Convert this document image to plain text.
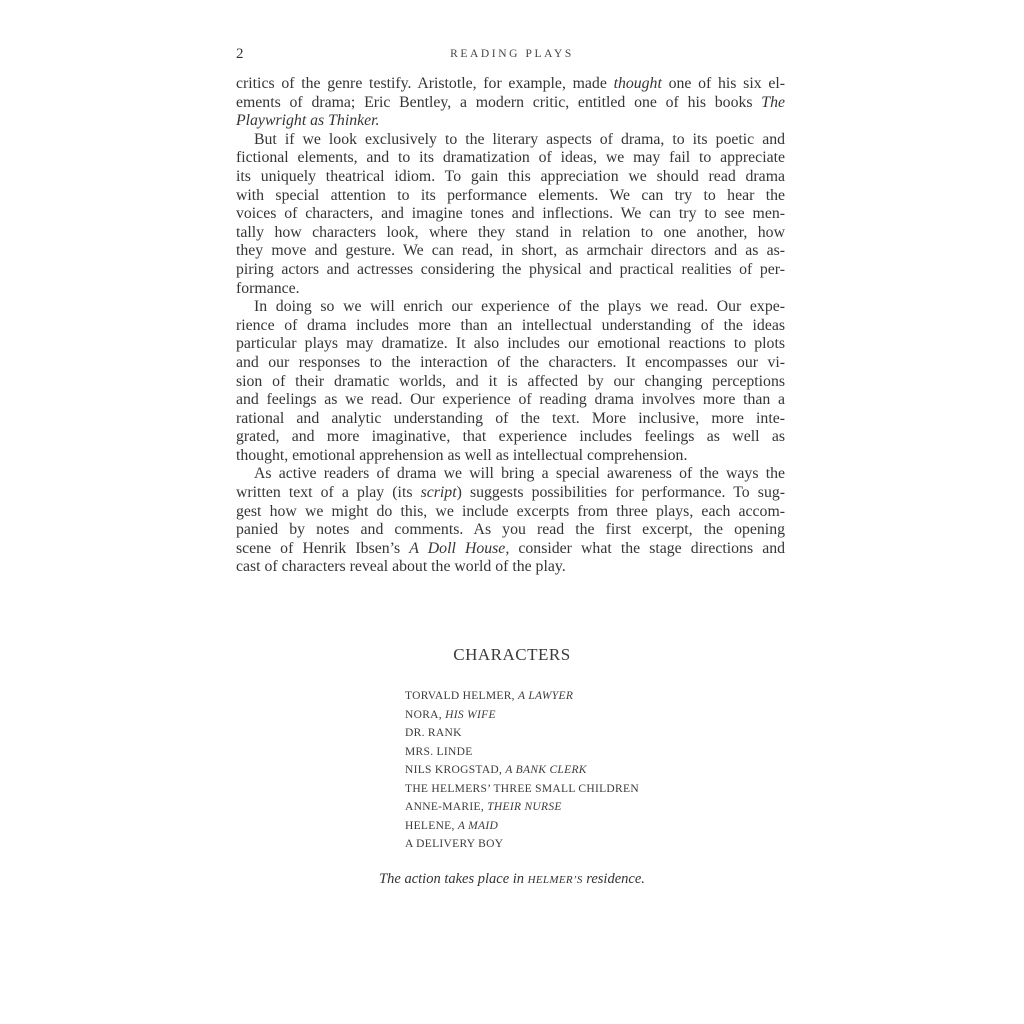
2	READING PLAYS
critics of the genre testify. Aristotle, for example, made thought one of his six el-
ements of drama; Eric Bentley, a modern critic, entitled one of his books The
Playwright as Thinker.
But if we look exclusively to the literary aspects of drama, to its poetic and
fictional elements, and to its dramatization of ideas, we may fail to appreciate
its uniquely theatrical idiom. To gain this appreciation we should read drama
with special attention to its performance elements. We can try to hear the
voices of characters, and imagine tones and inflections. We can try to see men-
tally how characters look, where they stand in relation to one another, how
they move and gesture. We can read, in short, as armchair directors and as as-
piring actors and actresses considering the physical and practical realities of per-
formance.
In doing so we will enrich our experience of the plays we read. Our expe-
rience of drama includes more than an intellectual understanding of the ideas
particular plays may dramatize. It also includes our emotional reactions to plots
and our responses to the interaction of the characters. It encompasses our vi-
sion of their dramatic worlds, and it is affected by our changing perceptions
and feelings as we read. Our experience of reading drama involves more than a
rational and analytic understanding of the text. More inclusive, more inte-
grated, and more imaginative, that experience includes feelings as well as
thought, emotional apprehension as well as intellectual comprehension.
As active readers of drama we will bring a special awareness of the ways the
written text of a play (its script) suggests possibilities for performance. To sug-
gest how we might do this, we include excerpts from three plays, each accom-
panied by notes and comments. As you read the first excerpt, the opening
scene of Henrik Ibsen’s A Doll House, consider what the stage directions and
cast of characters reveal about the world of the play.
CHARACTERS
TORVALD HELMER, A LAWYER
NORA, HIS WIFE
DR. RANK
MRS. LINDE
NILS KROGSTAD, A BANK CLERK
THE HELMERS’ THREE SMALL CHILDREN
ANNE-MARIE, THEIR NURSE
HELENE, A MAID
A DELIVERY BOY
The action takes place in HELMER’S residence.
